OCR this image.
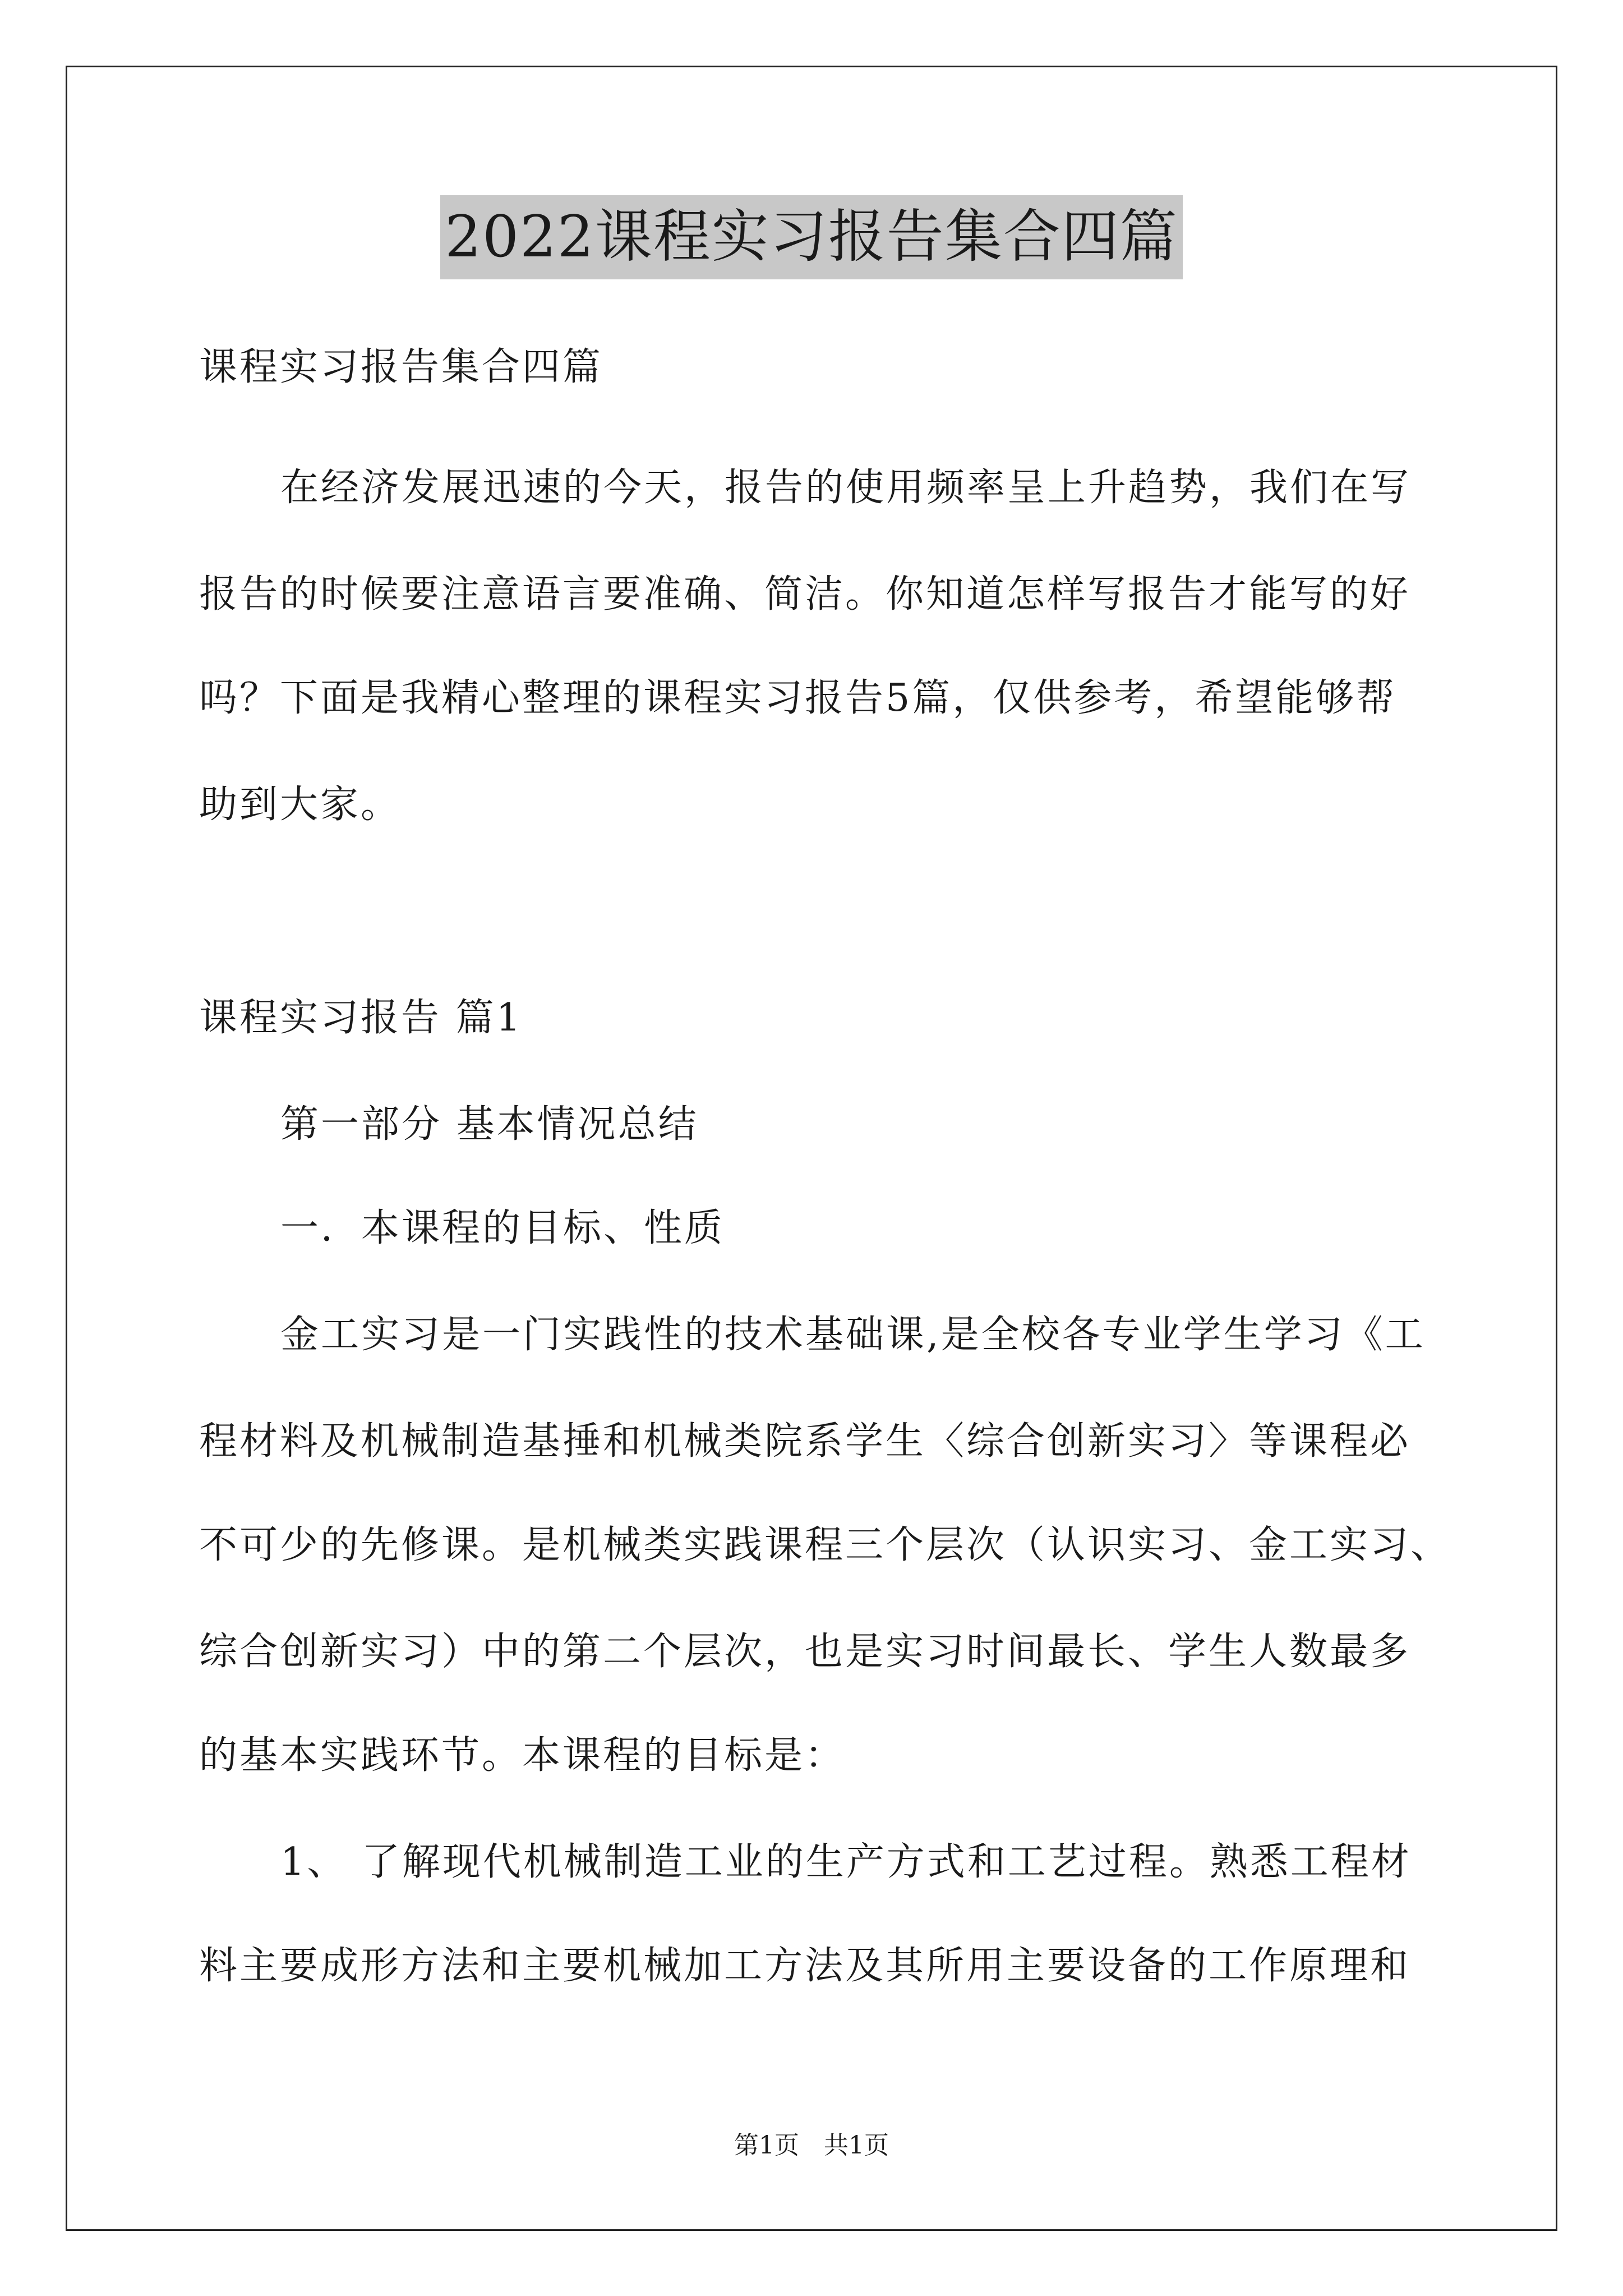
2022课程实习报告集合四篇
课程实习报告集合四篇
在经济发展迅速的今天，报告的使用频率呈上升趋势，我们在写
报告的时候要注意语言要准确、简洁。你知道怎样写报告才能写的好
吗？下面是我精心整理的课程实习报告5篇，仅供参考，希望能够帮
助到大家。
课程实习报告 篇1
第一部分 基本情况总结
一．本课程的目标、性质
金工实习是一门实践性的技术基础课,是全校各专业学生学习《工
程材料及机械制造基捶和机械类院系学生〈综合创新实习〉等课程必
不可少的先修课。是机械类实践课程三个层次（认识实习、金工实习、
综合创新实习）中的第二个层次，也是实习时间最长、学生人数最多
的基本实践环节。本课程的目标是：
1、 了解现代机械制造工业的生产方式和工艺过程。熟悉工程材
料主要成形方法和主要机械加工方法及其所用主要设备的工作原理和
第1页　共1页
